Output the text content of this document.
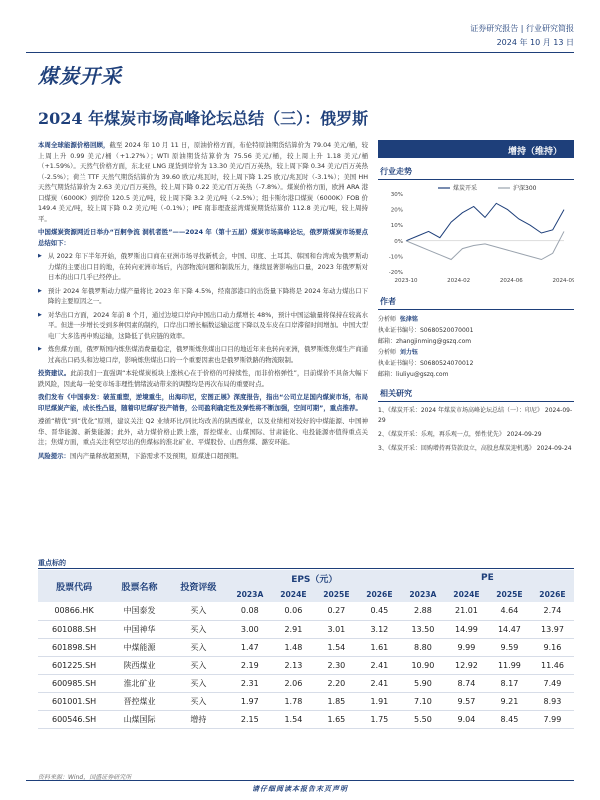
证券研究报告 | 行业研究简报
2024 年 10 月 13 日
煤炭开采
2024 年煤炭市场高峰论坛总结（三）：俄罗斯

本周全球能源价格回顾，截至 2024 年 10 月 11 日，原油价格方面，布伦特原油期货结算价为 79.04 美元/桶，较上周上升 0.99 美元/桶（+1.27%）；WTI 原油期货结算价为 75.56 美元/桶，较上周上升 1.18 美元/桶（+1.59%）。天然气价格方面，东北亚 LNG 现货到岸价为 13.30 美元/百万英热，较上周下降 0.34 美元/百万英热（-2.5%）；荷兰 TTF 天然气期货结算价为 39.60 欧元/兆瓦时，较上周下降 1.25 欧元/兆瓦时（-3.1%）；美国 HH 天然气期货结算价为 2.63 美元/百万英热，较上周下降 0.22 美元/百万英热（-7.8%）。煤炭价格方面，欧洲 ARA 港口煤炭（6000K）到岸价 120.5 美元/吨，较上周下降 3.2 美元/吨（-2.5%）；纽卡斯尔港口煤炭（6000K）FOB 价 149.4 美元/吨，较上周下降 0.2 美元/吨（-0.1%）；IPE 南非理查兹湾煤炭期货结算价 112.8 美元/吨，较上周持平。

中国煤炭资源网近日举办“百舸争流 洞机者胜”——2024 年（第十五届）煤炭市场高峰论坛，俄罗斯煤炭市场要点总结如下：

▶ 从 2022 年下半年开始，俄罗斯出口商在亚洲市场寻找新机会，中国、印度、土耳其、韩国和台湾成为俄罗斯动力煤的主要出口目的地，在转向亚洲市场后，内部物流问题和制裁压力，继续显著影响出口量，2023 年俄罗斯对日本的出口几乎已经停止。

▶ 预计 2024 年俄罗斯动力煤产量将比 2023 年下降 4.5%，经南部港口的出货量下降将是 2024 年动力煤出口下降的主要原因之一。

▶ 对华出口方面，2024 年前 8 个月，通过边境口岸向中国出口动力煤增长 48%，预计中国运输量将保持在较高水平。但进一步增长受到多种因素的制约，口岸出口增长幅数运输运度下降以及车皮在口岸滞留时间增加。中国大型电厂大多选再申购运输，这降低了供应链的效率。

▶ 炼焦煤方面，俄罗斯国内炼焦煤消费量稳定，俄罗斯炼焦煤出口目的地近年来也转向亚洲，俄罗斯炼焦煤生产商通过高出口码头和边境口岸，影响炼焦煤出口的一个重要因素也是俄罗斯铁路的物流限制。

投资建议。此前我们一直强调“本轮煤炭板块上涨核心在于价格的可持续性，而非价格弹性”，目前煤价不具备大幅下跌风险，因此每一轮变市场非理性情绪波动带来的调整均是再次布局的重要时点。

我们发布《中国泰发：破茧重塑，逆境重生，出海印尼，宏图正展》深度报告，指出“公司立足国内煤炭市场，布局印尼煤炭产能，成长性凸显，随着印尼煤矿投产销售，公司盈利确定性及弹性将不断加强，空间可期”，重点推荐。

遵循“精优”到“优化”原则，建议关注 Q2 业绩环比/同比均改善的陕西煤业，以及业绩相对较好的中煤能源、中国神华、晋华能源、新集能源；此外，动力煤价格止跌上涨，晋控煤业、山煤国际、甘肃能化、电投能源亦值得重点关注；焦煤方面，重点关注利空尽出的焦煤标的淮北矿业、平煤股份、山西焦煤、潞安环能。

风险提示：国内产量释放超预期，下游需求不及预期，原煤进口超预期。

增持（维持）
行业走势
30%
20%
10%
0%
-10%
-20%
2023-10	2024-02	2024-06	2024-09
煤炭开采	沪深300
作者
分析师 张津铭
执业证书编号：S0680520070001
邮箱：zhangjinming@gszq.com
分析师 刘力钰
执业证书编号：S0680524070012
邮箱：liuliyu@gszq.com
相关研究
1、《煤炭开采：2024 年煤炭市场高峰论坛总结（一）：印尼》 2024-09-29
2、《煤炭开采：乐观，再乐观一点，弹性优先》 2024-09-29
3、《煤炭开采：回购增持再贷款设立，高股息煤炭迎机遇》 2024-09-24
重点标的
股票代码	股票名称	投资评级	EPS（元）				PE			
			2023A	2024E	2025E	2026E	2023A	2024E	2025E	2026E
00866.HK	中国泰发	买入	0.08	0.06	0.27	0.45	2.88	21.01	4.64	2.74
601088.SH	中国神华	买入	3.00	2.91	3.01	3.12	13.50	14.99	14.47	13.97
601898.SH	中煤能源	买入	1.47	1.48	1.54	1.61	8.80	9.99	9.59	9.16
601225.SH	陕西煤业	买入	2.19	2.13	2.30	2.41	10.90	12.92	11.99	11.46
600985.SH	淮北矿业	买入	2.31	2.06	2.20	2.41	5.90	8.74	8.17	7.49
601001.SH	晋控煤业	买入	1.97	1.78	1.85	1.91	7.10	9.57	9.21	8.93
600546.SH	山煤国际	增持	2.15	1.54	1.65	1.75	5.50	9.04	8.45	7.99
资料来源：Wind，国盛证券研究所
请仔细阅读本报告末页声明
